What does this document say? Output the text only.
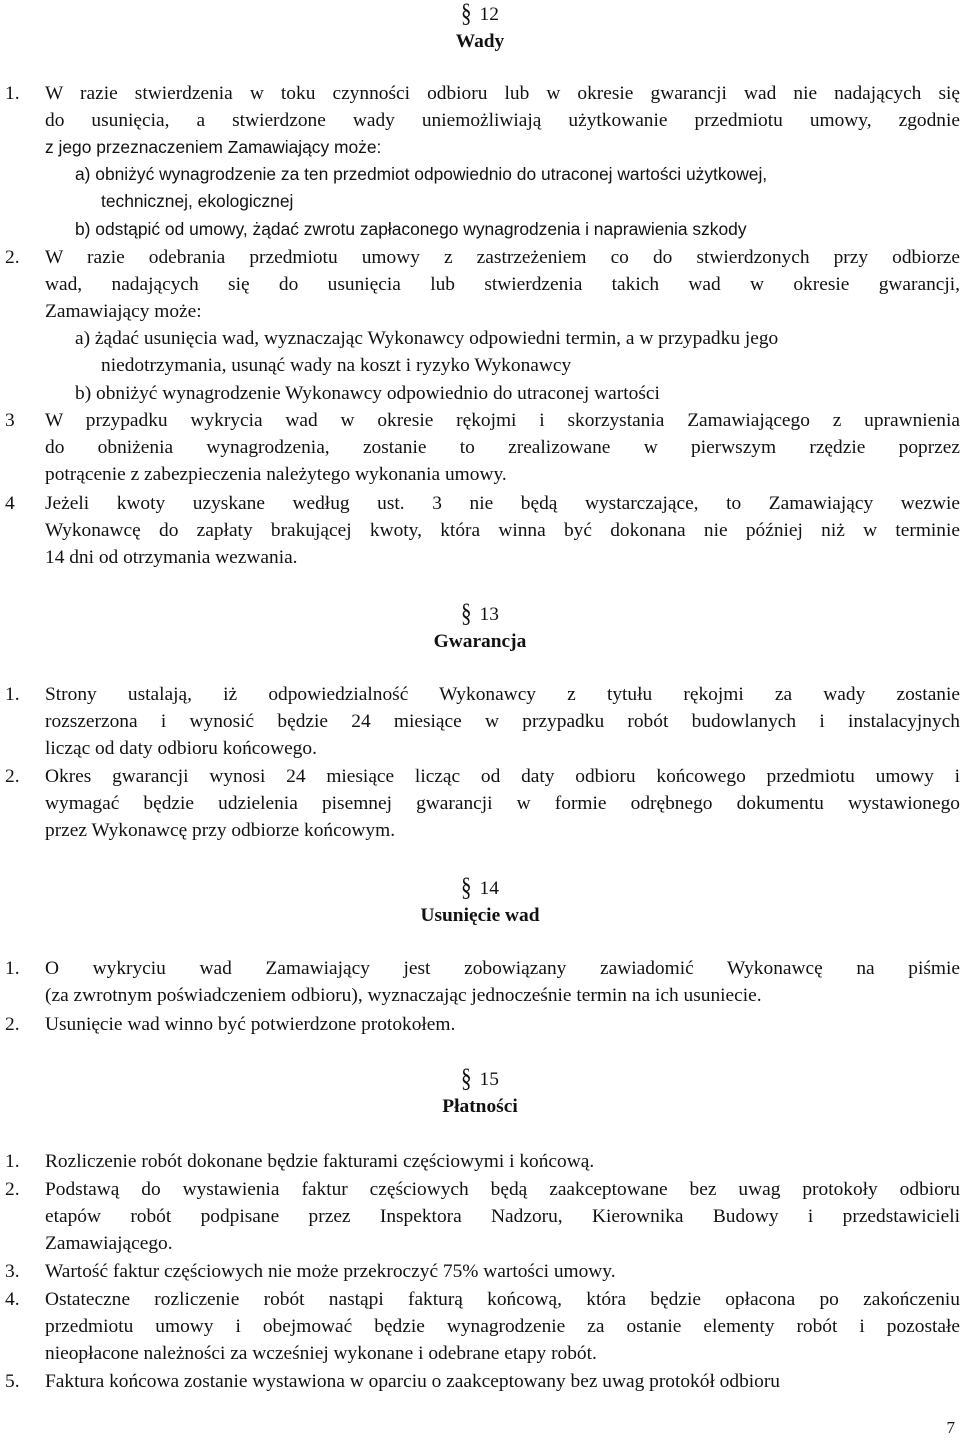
§ 12
Wady
1. W razie stwierdzenia w toku czynności odbioru lub w okresie gwarancji wad nie nadających się
do usunięcia, a stwierdzone wady uniemożliwiają użytkowanie przedmiotu umowy, zgodnie
z jego przeznaczeniem Zamawiający może:
a) obniżyć wynagrodzenie za ten przedmiot odpowiednio do utraconej wartości użytkowej,
technicznej, ekologicznej
b) odstąpić od umowy, żądać zwrotu zapłaconego wynagrodzenia i naprawienia szkody
2. W razie odebrania przedmiotu umowy z zastrzeżeniem co do stwierdzonych przy odbiorze
wad, nadających się do usunięcia lub stwierdzenia takich wad w okresie gwarancji,
Zamawiający może:
a) żądać usunięcia wad, wyznaczając Wykonawcy odpowiedni termin, a w przypadku jego
niedotrzymania, usunąć wady na koszt i ryzyko Wykonawcy
b) obniżyć wynagrodzenie Wykonawcy odpowiednio do utraconej wartości
3 W przypadku wykrycia wad w okresie rękojmi i skorzystania Zamawiającego z uprawnienia
do obniżenia wynagrodzenia, zostanie to zrealizowane w pierwszym rzędzie poprzez
potrącenie z zabezpieczenia należytego wykonania umowy.
4 Jeżeli kwoty uzyskane według ust. 3 nie będą wystarczające, to Zamawiający wezwie
Wykonawcę do zapłaty brakującej kwoty, która winna być dokonana nie później niż w terminie
14 dni od otrzymania wezwania.
§ 13
Gwarancja
1. Strony ustalają, iż odpowiedzialność Wykonawcy z tytułu rękojmi za wady zostanie
rozszerzona i wynosić będzie 24 miesiące w przypadku robót budowlanych i instalacyjnych
licząc od daty odbioru końcowego.
2. Okres gwarancji wynosi 24 miesiące licząc od daty odbioru końcowego przedmiotu umowy i
wymagać będzie udzielenia pisemnej gwarancji w formie odrębnego dokumentu wystawionego
przez Wykonawcę przy odbiorze końcowym.
§ 14
Usunięcie wad
1. O wykryciu wad Zamawiający jest zobowiązany zawiadomić Wykonawcę na piśmie
(za zwrotnym poświadczeniem odbioru), wyznaczając jednocześnie termin na ich usuniecie.
2. Usunięcie wad winno być potwierdzone protokołem.
§ 15
Płatności
1. Rozliczenie robót dokonane będzie fakturami częściowymi i końcową.
2. Podstawą do wystawienia faktur częściowych będą zaakceptowane bez uwag protokoły odbioru
etapów robót podpisane przez Inspektora Nadzoru, Kierownika Budowy i przedstawicieli
Zamawiającego.
3. Wartość faktur częściowych nie może przekroczyć 75% wartości umowy.
4. Ostateczne rozliczenie robót nastąpi fakturą końcową, która będzie opłacona po zakończeniu
przedmiotu umowy i obejmować będzie wynagrodzenie za ostanie elementy robót i pozostałe
nieopłacone należności za wcześniej wykonane i odebrane etapy robót.
5. Faktura końcowa zostanie wystawiona w oparciu o zaakceptowany bez uwag protokół odbioru
7
